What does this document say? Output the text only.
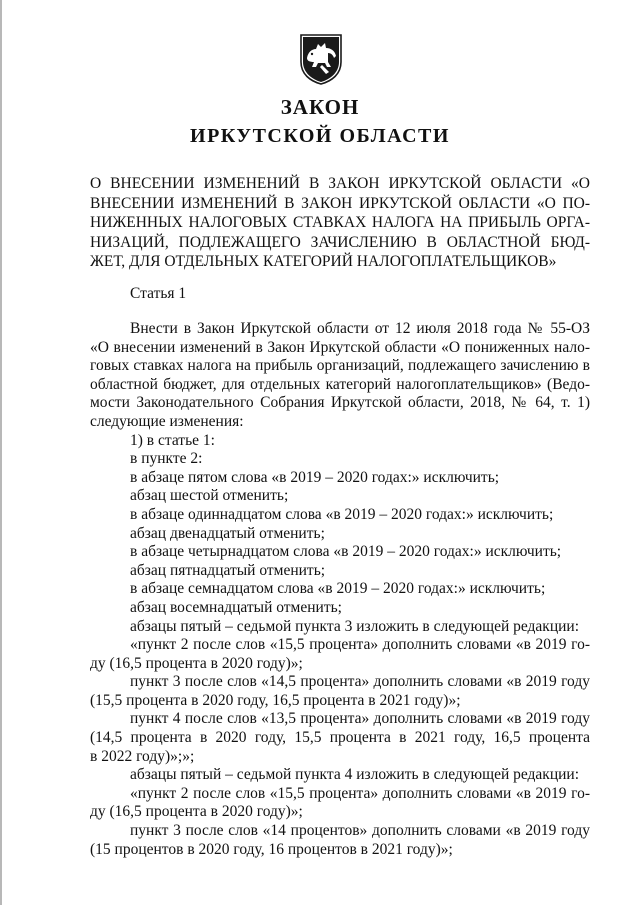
ЗАКОН
ИРКУТСКОЙ ОБЛАСТИ
О ВНЕСЕНИИ ИЗМЕНЕНИЙ В ЗАКОН ИРКУТСКОЙ ОБЛАСТИ «О
ВНЕСЕНИИ ИЗМЕНЕНИЙ В ЗАКОН ИРКУТСКОЙ ОБЛАСТИ «О ПО-
НИЖЕННЫХ НАЛОГОВЫХ СТАВКАХ НАЛОГА НА ПРИБЫЛЬ ОРГА-
НИЗАЦИЙ, ПОДЛЕЖАЩЕГО ЗАЧИСЛЕНИЮ В ОБЛАСТНОЙ БЮД-
ЖЕТ, ДЛЯ ОТДЕЛЬНЫХ КАТЕГОРИЙ НАЛОГОПЛАТЕЛЬЩИКОВ»
Статья 1
Внести в Закон Иркутской области от 12 июля 2018 года № 55-ОЗ
«О внесении изменений в Закон Иркутской области «О пониженных нало-
говых ставках налога на прибыль организаций, подлежащего зачислению в
областной бюджет, для отдельных категорий налогоплательщиков» (Ведо-
мости Законодательного Собрания Иркутской области, 2018, № 64, т. 1)
следующие изменения:
1) в статье 1:
в пункте 2:
в абзаце пятом слова «в 2019 – 2020 годах:» исключить;
абзац шестой отменить;
в абзаце одиннадцатом слова «в 2019 – 2020 годах:» исключить;
абзац двенадцатый отменить;
в абзаце четырнадцатом слова «в 2019 – 2020 годах:» исключить;
абзац пятнадцатый отменить;
в абзаце семнадцатом слова «в 2019 – 2020 годах:» исключить;
абзац восемнадцатый отменить;
абзацы пятый – седьмой пункта 3 изложить в следующей редакции:
«пункт 2 после слов «15,5 процента» дополнить словами «в 2019 го-
ду (16,5 процента в 2020 году)»;
пункт 3 после слов «14,5 процента» дополнить словами «в 2019 году
(15,5 процента в 2020 году, 16,5 процента в 2021 году)»;
пункт 4 после слов «13,5 процента» дополнить словами «в 2019 году
(14,5 процента в 2020 году, 15,5 процента в 2021 году, 16,5 процента
в 2022 году)»;»;
абзацы пятый – седьмой пункта 4 изложить в следующей редакции:
«пункт 2 после слов «15,5 процента» дополнить словами «в 2019 го-
ду (16,5 процента в 2020 году)»;
пункт 3 после слов «14 процентов» дополнить словами «в 2019 году
(15 процентов в 2020 году, 16 процентов в 2021 году)»;
